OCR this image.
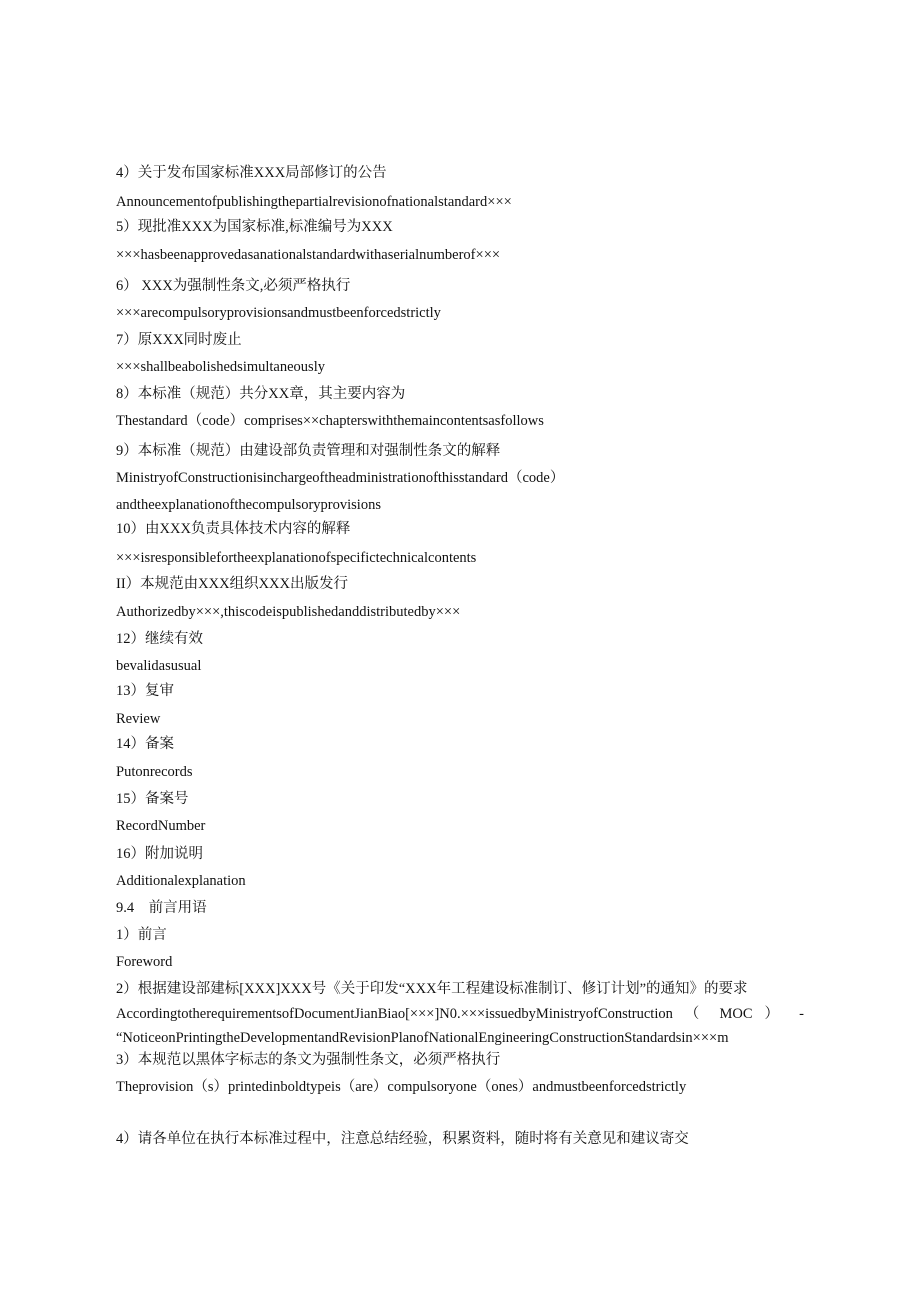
4）关于发布国家标准XXX局部修订的公告
Announcementofpublishingthepartialrevisionofnationalstandard×××
5）现批准XXX为国家标准,标准编号为XXX
×××hasbeenapprovedasanationalstandardwithaserialnumberof×××
6） XXX为强制性条文,必须严格执行
×××arecompulsoryprovisionsandmustbeenforcedstrictly
7）原XXX同时废止
×××shallbeabolishedsimultaneously
8）本标准（规范）共分XX章，其主要内容为
Thestandard（code）comprises××chapterswiththemaincontentsasfollows
9）本标准（规范）由建设部负责管理和对强制性条文的解释
MinistryofConstructionisinchargeoftheadministrationofthisstandard（code）
andtheexplanationofthecompulsoryprovisions
10）由XXX负责具体技术内容的解释
×××isresponsiblefortheexplanationofspecifictechnicalcontents
II）本规范由XXX组织XXX出版发行
Authorizedby×××,thiscodeispublishedanddistributedby×××
12）继续有效
bevalidasusual
13）复审
Review
14）备案
Putonrecords
15）备案号
RecordNumber
16）附加说明
Additionalexplanation
9.4　前言用语
1）前言
Foreword
2）根据建设部建标[XXX]XXX号《关于印发“XXX年工程建设标准制订、修订计划”的通知》的要求
AccordingtotherequirementsofDocumentJianBiao[×××]N0.×××issuedbyMinistryofConstruction （ MOC ） -
“NoticeonPrintingtheDevelopmentandRevisionPlanofNationalEngineeringConstructionStandardsin×××m
3）本规范以黑体字标志的条文为强制性条文，必须严格执行
Theprovision（s）printedinboldtypeis（are）compulsoryone（ones）andmustbeenforcedstrictly
4）请各单位在执行本标准过程中，注意总结经验，积累资料，随时将有关意见和建议寄交
